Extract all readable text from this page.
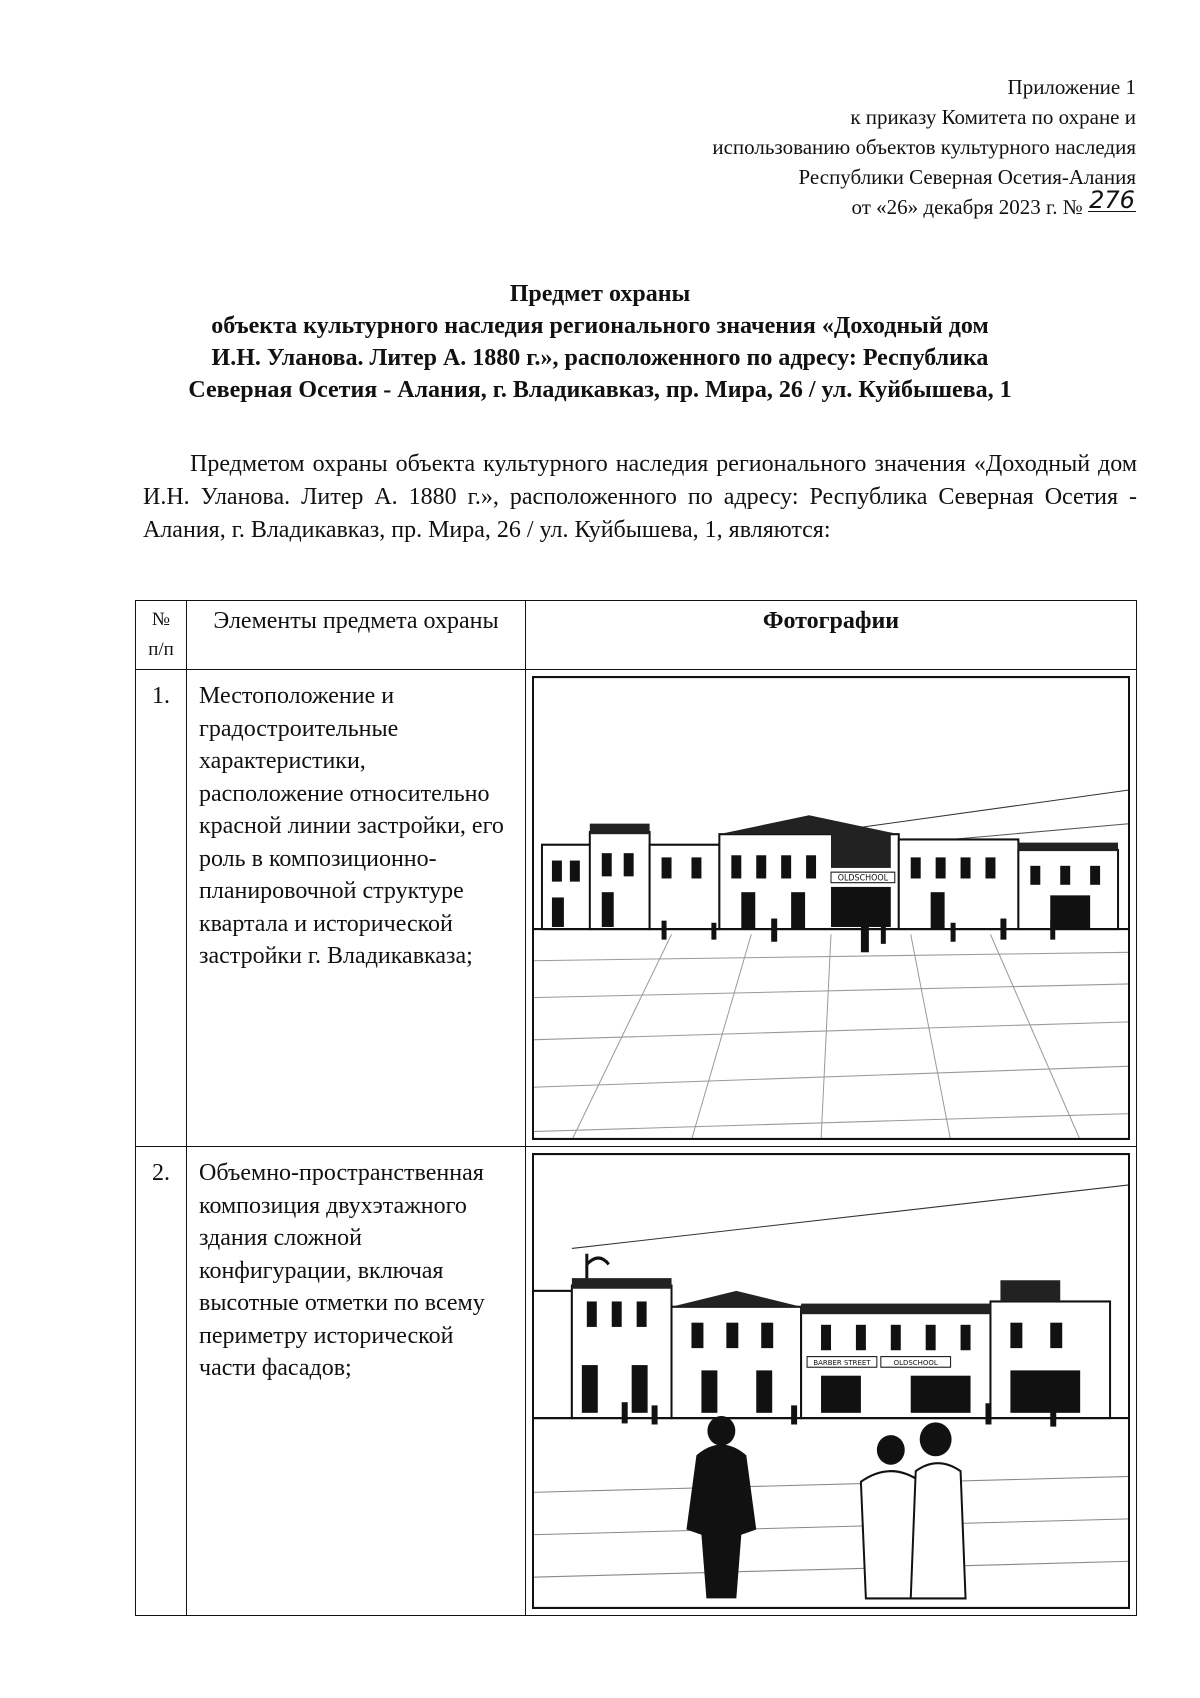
Приложение 1
к приказу Комитета по охране и
использованию объектов культурного наследия
Республики Северная Осетия-Алания
от «26» декабря 2023 г. № 276
Предмет охраны
объекта культурного наследия регионального значения «Доходный дом
И.Н. Уланова. Литер А. 1880 г.», расположенного по адресу: Республика
Северная Осетия - Алания, г. Владикавказ, пр. Мира, 26 / ул. Куйбышева, 1

Предметом охраны объекта культурного наследия регионального значения «Доходный дом И.Н. Уланова. Литер А. 1880 г.», расположенного по адресу: Республика Северная Осетия - Алания, г. Владикавказ, пр. Мира, 26 / ул. Куйбышева, 1, являются:

№ п/п	Элементы предмета охраны	Фотографии
1.	Местоположение и градостроительные характеристики, расположение относительно красной линии застройки, его роль в композиционно-планировочной структуре квартала и исторической застройки г. Владикавказа;	OLDSCHOOL

2.	Объемно-пространственная композиция двухэтажного здания сложной конфигурации, включая высотные отметки по всему периметру исторической части фасадов;	BARBER STREET OLDSCHOOL
